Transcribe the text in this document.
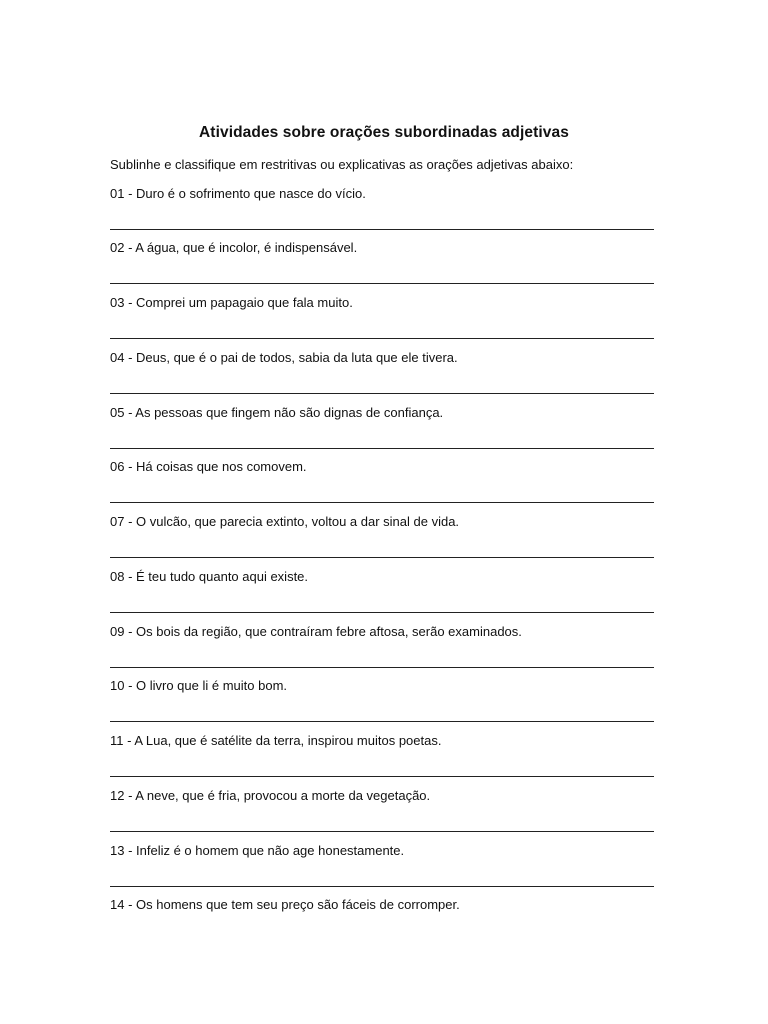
Atividades sobre orações subordinadas adjetivas
Sublinhe e classifique em restritivas ou explicativas as orações adjetivas abaixo:
01 - Duro é o sofrimento que nasce do vício.
02 - A água, que é incolor, é indispensável.
03 - Comprei um papagaio que fala muito.
04 - Deus, que é o pai de todos, sabia da luta que ele tivera.
05 - As pessoas que fingem não são dignas de confiança.
06 - Há coisas que nos comovem.
07 - O vulcão, que parecia extinto, voltou a dar sinal de vida.
08 - É teu tudo quanto aqui existe.
09 - Os bois da região, que contraíram febre aftosa, serão examinados.
10 - O livro que li é muito bom.
11 - A Lua, que é satélite da terra, inspirou muitos poetas.
12 - A neve, que é fria, provocou a morte da vegetação.
13 - Infeliz é o homem que não age honestamente.
14 - Os homens que tem seu preço são fáceis de corromper.
